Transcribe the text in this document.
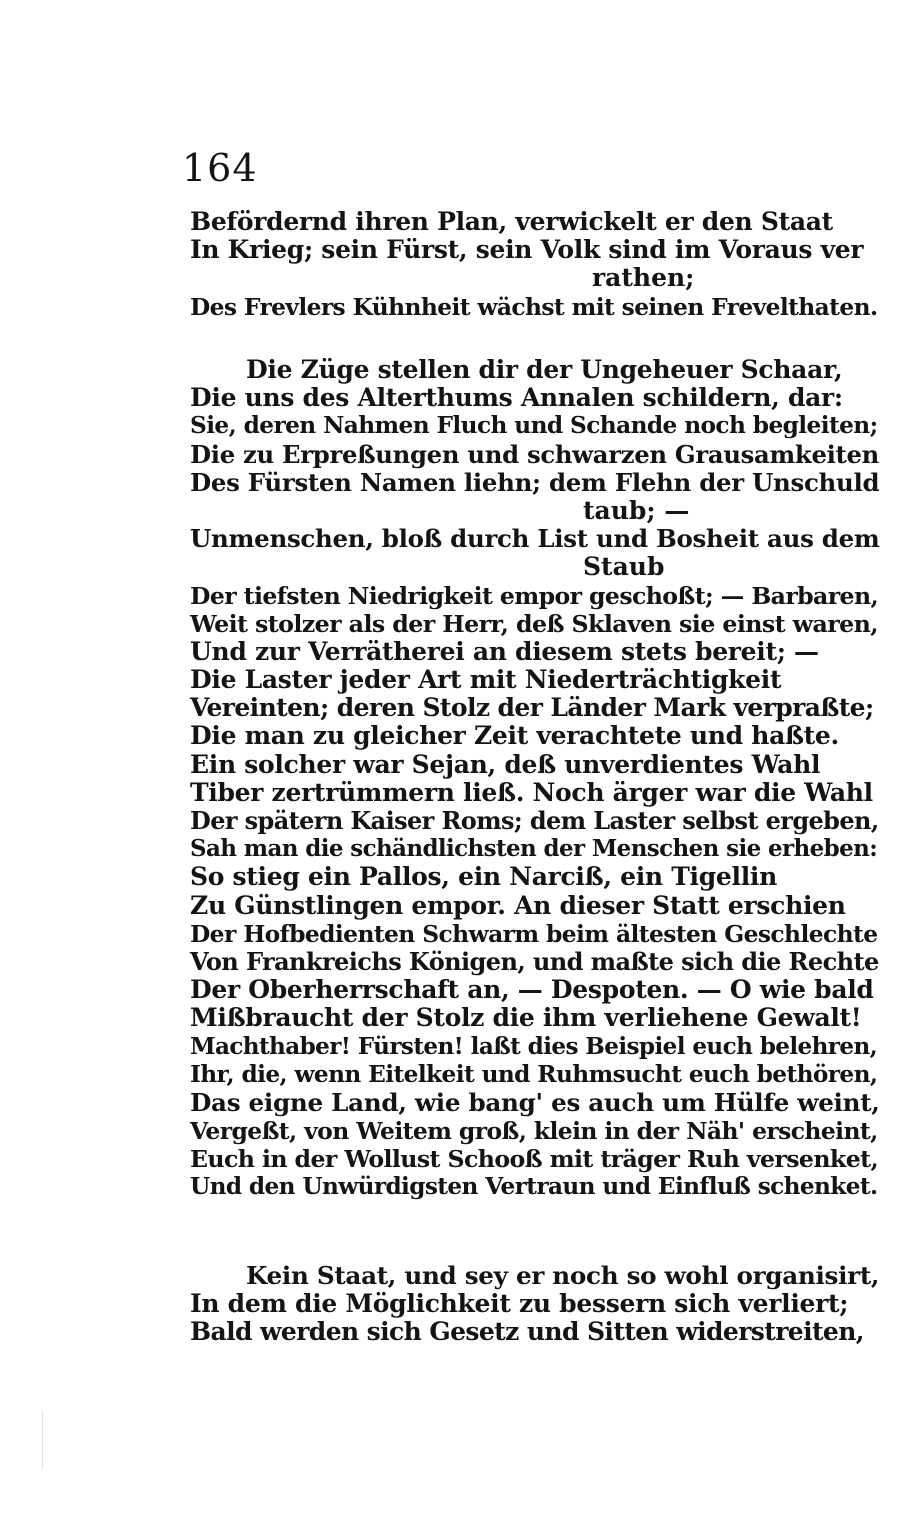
164
Befördernd ihren Plan, verwickelt er den Staat
In Krieg; sein Fürst, sein Volk sind im Voraus ver
rathen;
Des Frevlers Kühnheit wächst mit seinen Frevelthaten.
Die Züge stellen dir der Ungeheuer Schaar,
Die uns des Alterthums Annalen schildern, dar:
Sie, deren Nahmen Fluch und Schande noch begleiten;
Die zu Erpreßungen und schwarzen Grausamkeiten
Des Fürsten Namen liehn; dem Flehn der Unschuld
taub; —
Unmenschen, bloß durch List und Bosheit aus dem
Staub
Der tiefsten Niedrigkeit empor geschoßt; — Barbaren,
Weit stolzer als der Herr, deß Sklaven sie einst waren,
Und zur Verrätherei an diesem stets bereit; —
Die Laster jeder Art mit Niederträchtigkeit
Vereinten; deren Stolz der Länder Mark verpraßte;
Die man zu gleicher Zeit verachtete und haßte.
Ein solcher war Sejan, deß unverdientes Wahl
Tiber zertrümmern ließ. Noch ärger war die Wahl
Der spätern Kaiser Roms; dem Laster selbst ergeben,
Sah man die schändlichsten der Menschen sie erheben:
So stieg ein Pallos, ein Narciß, ein Tigellin
Zu Günstlingen empor. An dieser Statt erschien
Der Hofbedienten Schwarm beim ältesten Geschlechte
Von Frankreichs Königen, und maßte sich die Rechte
Der Oberherrschaft an, — Despoten. — O wie bald
Mißbraucht der Stolz die ihm verliehene Gewalt!
Machthaber! Fürsten! laßt dies Beispiel euch belehren,
Ihr, die, wenn Eitelkeit und Ruhmsucht euch bethören,
Das eigne Land, wie bang' es auch um Hülfe weint,
Vergeßt, von Weitem groß, klein in der Näh' erscheint,
Euch in der Wollust Schooß mit träger Ruh versenket,
Und den Unwürdigsten Vertraun und Einfluß schenket.
Kein Staat, und sey er noch so wohl organisirt,
In dem die Möglichkeit zu bessern sich verliert;
Bald werden sich Gesetz und Sitten widerstreiten,
